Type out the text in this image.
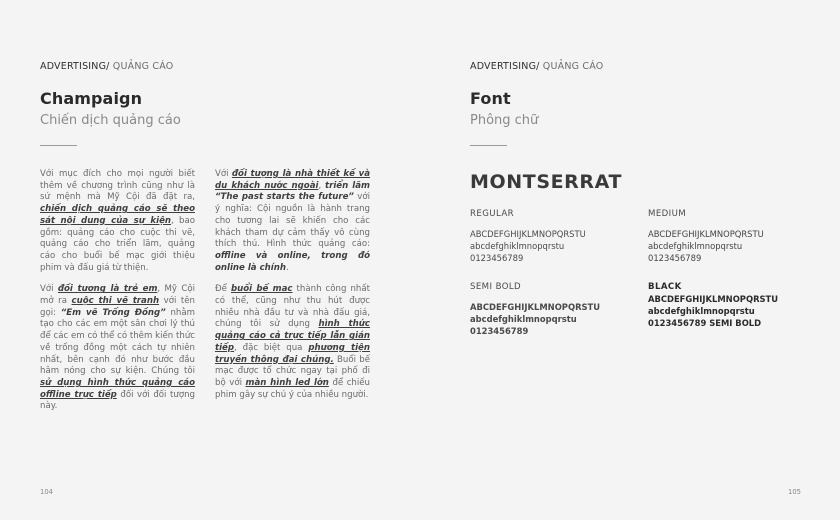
ADVERTISING/ QUẢNG CÁO
Champaign
Chiến dịch quảng cáo

Với mục đích cho mọi người biết thêm về chương trình cũng như là sứ mệnh mà Mỹ Cội đã đặt ra, chiến dịch quảng cáo sẽ theo sát nội dung của sự kiện, bao gồm: quảng cáo cho cuộc thi vẽ, quảng cáo cho triển lãm, quảng cáo cho buổi bế mạc giới thiệu phim và đấu giá từ thiện.

Với đối tượng là trẻ em, Mỹ Cội mở ra cuộc thi vẽ tranh với tên gọi: “Em vẽ Trống Đồng” nhằm tạo cho các em một sân chơi lý thú để các em có thể có thêm kiến thức về trống đồng một cách tự nhiên nhất, bên cạnh đó như bước đầu hâm nóng cho sự kiện. Chúng tôi sử dụng hình thức quảng cáo offline trực tiếp đối với đối tượng này.

Với đối tượng là nhà thiết kế và du khách nước ngoài, triển lãm “The past starts the future” với ý nghĩa: Cội nguồn là hành trang cho tương lai sẽ khiến cho các khách tham dự cảm thấy vô cùng thích thú. Hình thức quảng cáo: offline và online, trong đó online là chính.

Để buổi bế mạc thành công nhất có thể, cũng như thu hút được nhiều nhà đầu tư và nhà đấu giá, chúng tôi sử dụng hình thức quảng cáo cả trực tiếp lẫn gián tiếp, đặc biệt qua phương tiện truyền thông đại chúng. Buổi bế mạc được tổ chức ngay tại phố đi bộ với màn hình led lớn để chiếu phim gây sự chú ý của nhiều người.

104
ADVERTISING/ QUẢNG CÁO
Font
Phông chữ
MONTSERRAT
REGULAR
ABCDEFGHIJKLMNOPQRSTU
abcdefghiklmnopqrstu
0123456789
MEDIUM
ABCDEFGHIJKLMNOPQRSTU
abcdefghiklmnopqrstu
0123456789
SEMI BOLD
ABCDEFGHIJKLMNOPQRSTU
abcdefghiklmnopqrstu
0123456789
BLACK
ABCDEFGHIJKLMNOPQRSTU
abcdefghiklmnopqrstu
0123456789 SEMI BOLD
105
